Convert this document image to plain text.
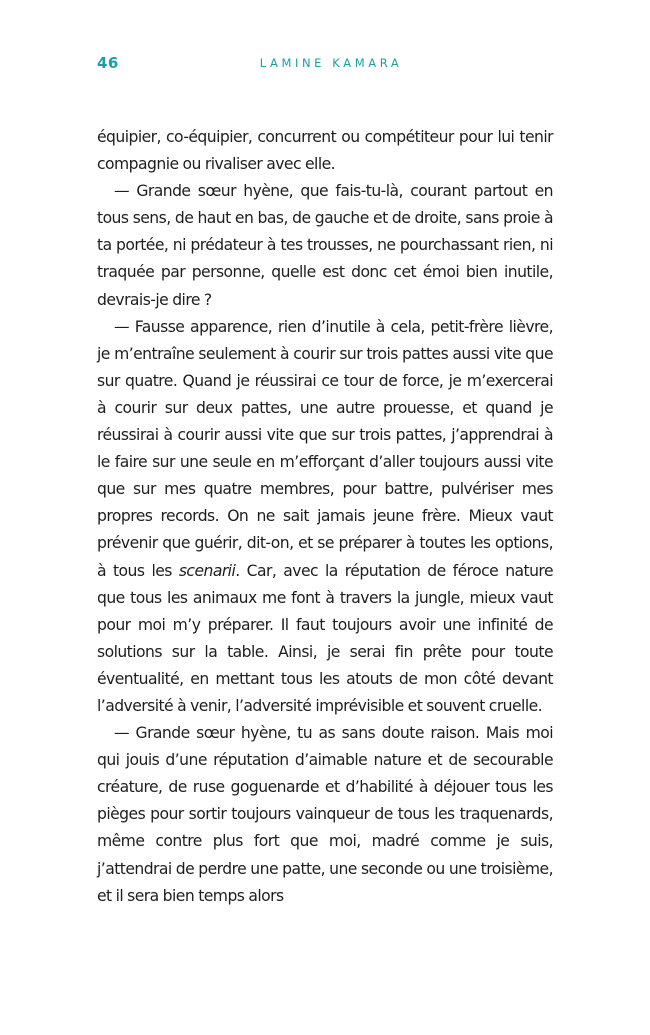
46	LAMINE KAMARA

équipier, co-équipier, concurrent ou compétiteur pour lui tenir compagnie ou rivaliser avec elle.

— Grande sœur hyène, que fais-tu-là, courant partout en tous sens, de haut en bas, de gauche et de droite, sans proie à ta portée, ni prédateur à tes trousses, ne pourchassant rien, ni traquée par personne, quelle est donc cet émoi bien inutile, devrais-je dire ?

— Fausse apparence, rien d’inutile à cela, petit-frère lièvre, je m’entraîne seulement à courir sur trois pattes aussi vite que sur quatre. Quand je réussirai ce tour de force, je m’exercerai à courir sur deux pattes, une autre prouesse, et quand je réussirai à courir aussi vite que sur trois pattes, j’apprendrai à le faire sur une seule en m’efforçant d’aller toujours aussi vite que sur mes quatre membres, pour battre, pulvériser mes propres records. On ne sait jamais jeune frère. Mieux vaut prévenir que guérir, dit-on, et se préparer à toutes les options, à tous les scenarii. Car, avec la réputation de féroce nature que tous les animaux me font à travers la jungle, mieux vaut pour moi m’y préparer. Il faut toujours avoir une infinité de solutions sur la table. Ainsi, je serai fin prête pour toute éventualité, en mettant tous les atouts de mon côté devant l’adversité à venir, l’adversité imprévisible et souvent cruelle.

— Grande sœur hyène, tu as sans doute raison. Mais moi qui jouis d’une réputation d’aimable nature et de secourable créature, de ruse goguenarde et d’habilité à déjouer tous les pièges pour sortir toujours vainqueur de tous les traquenards, même contre plus fort que moi, madré comme je suis, j’attendrai de perdre une patte, une seconde ou une troisième, et il sera bien temps alors
